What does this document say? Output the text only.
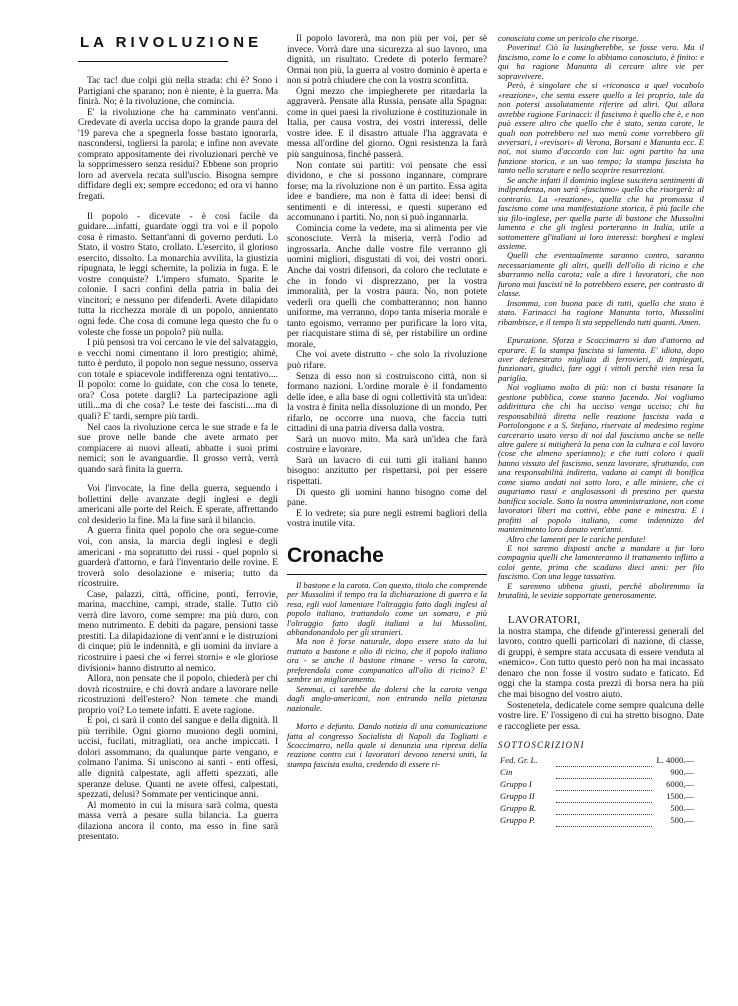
LA RIVOLUZIONE

Tac tac! due colpi giù nella strada: chi è? Sono i Partigiani che sparano; non è niente, è la guerra. Ma finirà. No; è la rivoluzione, che comincia.

E' la rivoluzione che ha camminato vent'anni. Credevate di averla uccisa dopo la grande paura del '19 pareva che a spegnerla fosse bastato ignorarla, nascondersi, togliersi la parola; e infine non avevate comprato appositamente dei rivoluzionari perchè ve la sopprimessero senza residui? Ebbene son proprio loro ad avervela recata sull'uscio. Bisogna sempre diffidare degli ex; sempre eccedono; ed ora vi hanno fregati.

Il popolo - dicevate - è così facile da guidare....infatti, guardate oggi tra voi e il popolo cosa è rimasto. Settant'anni di governo perduti. Lo Stato, il vostro Stato, crollato. L'esercito, il glorioso esercito, dissolto. La monarchia avvilita, la giustizia ripugnata, le leggi schernite, la polizia in fuga. E le vostre conquiste? L'impero sfumato. Sparite le colonie. I sacri confini della patria in balia dei vincitori; e nessuno per difenderli. Avete dilapidato tutta la ricchezza morale di un popolo, annientato ogni fede. Che cosa di comune lega questo che fu o voleste che fosse un popolo? più nulla.

I più pensosi tra voi cercano le vie del salvataggio, e vecchi nomi cimentano il loro prestigio; ahimè, tutto è perduto, il popolo non segue nessuno, osserva con totale e spiacevole indifferenza ogni tentativo.... Il popolo: come lo guidate, con che cosa lo tenete, ora? Cosa potete dargli? La partecipazione agli utili...ma di che cosa? Le teste dei fascisti....ma di quali? E' tardi, sempre più tardi.

Nel caos la rivoluzione cerca le sue strade e fa le sue prove nelle bande che avete armato per compiacere ai nuovi alleati, abbatte i suoi primi nemici; son le avanguardie. Il grosso verrà, verrà quando sarà finita la guerra.

Voi l'invocate, la fine della guerra, seguendo i bollettini delle avanzate degli inglesi e degli americani alle porte del Reich. E sperate, affrettando col desiderio la fine. Ma la fine sarà il bilancio.

A guerra finita quel popolo che ora segue-come voi, con ansia, la marcia degli inglesi e degli americani - ma sopratutto dei russi - quel popolo si guarderà d'attorno, e farà l'inventario delle rovine. E troverà solo desolazione e miseria; tutto da ricostruire.

Case, palazzi, città, officine, ponti, ferrovie, marina, macchine, campi, strade, stalle. Tutto ciò verrà dire lavoro, come sempre: ma più duro, con meno nutrimento. E debiti da pagare, pensioni tasse prestiti. La dilapidazione di vent'anni e le distruzioni di cinque; più le indennità, e gli uomini da inviare a ricostruire i paesi che «i ferrei storni» e «le gloriose divisioni» hanno distrutto al nemico.

Allora, non pensate che il popolo, chiederà per chi dovrà ricostruire, e chi dovrà andare a lavorare nelle ricostruzioni dell'estero? Non temete che mandi proprio voi? Lo temete infatti. E avete ragione.

E poi, ci sarà il conto del sangue e della dignità. Il più terribile. Ogni giorno muoiono degli uomini, uccisi, fucilati, mitragliati, ora anche impiccati. I dolori assommano, da qualunque parte vengano, e colmano l'anima. Si uniscono ai santi - enti offesi, alle dignità calpestate, agli affetti spezzati, alle speranze deluse. Quanti ne avete offesi, calpestati, spezzati, delusi? Sommate per venticinque anni.

Al momento in cui la misura sarà colma, questa massa verrà a pesare sulla bilancia. La guerra dilaziona ancora il conto, ma esso in fine sarà presentato.

Il popolo lavorerà, ma non più per voi, per sè invece. Vorrà dare una sicurezza al suo lavoro, una dignità, un risultato. Credete di poterlo fermare? Ormai non più, la guerra al vostro dominio è aperta e non si potrà chiudere che con la vostra sconfitta.

Ogni mezzo che impiegherete per ritardarla la aggraverà. Pensate alla Russia, pensate alla Spagna: come in quei paesi la rivoluzione è costituzionale in Italia, per causa vostra, dei vostri interessi, delle vostre idee. E il disastro attuale l'ha aggravata e messa all'ordine del giorno. Ogni resistenza la farà più sanguinosa, finchè passerà.

Non contate sui partiti: voi pensate che essi dividono, e che si possono ingannare, comprare forse; ma la rivoluzione non è un partito. Essa agita idee e bandiere, ma non è fatta di idee: bensì di sentimenti e di interessi, e questi superano ed accomunano i partiti. No, non si può ingannarla.

Comincia come la vedete, ma si alimenta per vie sconosciute. Verrà la miseria, verrà l'odio ad ingrossarla. Anche dalle vostre file verranno gli uomini migliori, disgustati di voi, dei vostri onori. Anche dai vostri difensori, da coloro che reclutate e che in fondo vi disprezzano, per la vostra immoralità, per la vostra paura. No, non potete vederli ora quelli che combatteranno; non hanno uniforme, ma verranno, dopo tanta miseria morale e tanto egoismo, verranno per purificare la loro vita, per riacquistare stima di sè, per ristabilire un ordine morale,

Che voi avete distrutto - che solo la rivoluzione può rifare.

Senza di esso non si costruiscono città, non si formano nazioni. L'ordine morale è il fondamento delle idee, e alla base di ogni collettività sta un'idea: la vostra è finita nella dissoluzione di un mondo. Per rifarlo, ne occorre una nuova, che faccia tutti cittadini di una patria diversa dalla vostra.

Sarà un nuovo mito. Ma sarà un'idea che farà costruire e lavorare.

Sarà un lavacro di cui tutti gli italiani hanno bisogno: anzitutto per rispettarsi, poi per essere rispettati.

Di questo gli uomini hanno bisogno come del pane.

E lo vedrete; sia pure negli estremi bagliori della vostra inutile vita.

Cronache

Il bastone e la carota. Con questo, titolo che comprende per Mussolini il tempo tra la dichiarazione di guerra e la resa, egli vuol lamentare l'oltraggio fatto dagli inglesi al popolo italiano, trattandolo come un somaro, e più l'oltraggio fatto dagli italiani a lui Mussolini, abbandonandolo per gli stranieri.

Ma non è forse naturale, dopo essere stato da lui trattato a bastone e olio di ricino, che il popolo italiano ora - se anche il bastone rimane - verso la carota, preferendola come companatico all'olio di ricino? E' sembre un miglioramento.

Semmai, ci sarebbe da dolersi che la carota venga dagli anglo-americani, non entrando nella pietanza nazionale.

Morto e defunto. Dando notizia di una comunicazione fatta al congresso Socialista di Napoli da Togliatti e Scoccimarro, nella quale si denunzia una ripresa della reazione contro cui i lavoratori devono tenersi uniti, la stampa fascista esulta, credendo di essere ri-

conosciuta come un pericolo che risorge.

Poverina! Ciò la lusingherebbe, se fosse vero. Ma il fascismo, come lo e come lo abbiamo conosciuto, è finito: e qui ha ragione Manunta di cercare altre vie per sopravvivere.

Però, è singolare che si «riconosca a quel vocabolo «reazione», che senta essere quello a lei proprio, tale da non potersi assolutamente riferire ad altri. Qui allora avrebbe ragione Farinacci: il fascismo è quello che è, e non può essere altro che quello che è stato, senza carote, le quali non potrebbero nel suo menù come vorrebbero gli avversari, i «revisori» di Verona, Borsani e Manunta ecc. E noi, noi siamo d'accordo con lui: ogni partito ha una funzione storica, e un suo tempo; la stampa fascista ha tanto nello scrutare e nello scoprire resurrezioni.

Se anche infatti il dominio inglese suscitera sentimenti di indipendenza, non sarà «fascismo» quello che risorgerà: al contrario. La «reazione», quella che ha promossa il fascismo come una manifestazione storica, è più facile che sia filo-inglese, per quella parte di bastone che Mussolini lamenta e che gli inglesi porteranno in Italia, utile a sottomettere gl'italiani ai loro interessi: borghesi e inglesi assieme.

Quelli che eventualmente saranno contro, saranno necessariamente gli altri, quelli dell'olio di ricino e che sbarranno nella carota; vale a dire i lavoratori, che non furono mai fascisti nè lo potrebbero essere, per contrasto di classe.

Insomma, con buona pace di tutti, quello che stato è stato. Farinacci ha ragione Manunta torto, Mussolini ribambisce, e il tempo li sta seppellendo tutti quanti. Amen.

Epurazione. Sforza e Scoccimarro si dan d'attorno ad epurare. E la stampa fascista si lamenta. E' idiota, dopo aver defenestrato migliaia di ferrovieri, di impiegati, funzionari, giudici, fare oggi i vittoli perchè vien resa la pariglia.

Noi vogliamo molto di più: non ci basta risanare la gestione pubblica, come stanno facendo. Noi vogliamo addirittura che chi ha ucciso venga ucciso; chi ha responsabilità diretta nelle reazione fascista vada a Portolongone e a S. Stefano, riservate al medesimo regime carcerario usato verso di noi dal fascismo anche se nelle altre galere si mitigherà la pena con la cultura e col lavoro (cose che almeno sperianno); e che tutti coloro i quali hanno vissuto del fascismo, senza lavorare, sfruttando, con una responsabilità indiretta, vadano ai campi di bonifica come siamo andati noi sotto loro, e alle miniere, che ci auguriamo russi e anglosassoni di prestino per questa bonifica sociale. Sotto la nostra amministrazione, non come lavoratori liberi ma cottivi, ebbe pane e minestra. E i profitti al popolo italiano, come indennizzo del mantenimento loro donato vent'anni.

Altro che lamenti per le cariche perdute!

E noi saremo disposti anche a mandare a far loro compagnia quelli che lamenteranno il trattamento inflitto a coloi gente, prima che scadano dieci anni: per filo fascismo. Con una legge tassativa.

E saremmo ubbena giusti, perchè aboliremmo la brutalità, le sevizie sopportate generosamente.

LAVORATORI,

la nostra stampa, che difende gl'interessi generali del lavoro, contro quelli particolari di nazione, di classe, di gruppi, è sempre stata accusata di essere venduta al «nemico». Con tutto questo però non ha mai incassato denaro che non fosse il vostro sudato e faticato. Ed oggi che la stampa costa prezzi di borsa nera ha più che mai bisogno del vostro aiuto.

Sostenetela, dedicatele come sempre qualcuna delle vostre lire. E' l'ossigeno di cui ha stretto bisogno. Date e raccogliete per essa.

SOTTOSCRIZIONI

Fed. Gr. L.		L. 4000.—
Cin		900.—
Gruppo I		6000,—
Gruppo II		1500.—
Gruppo R.		500.—
Gruppo P.		500.—
